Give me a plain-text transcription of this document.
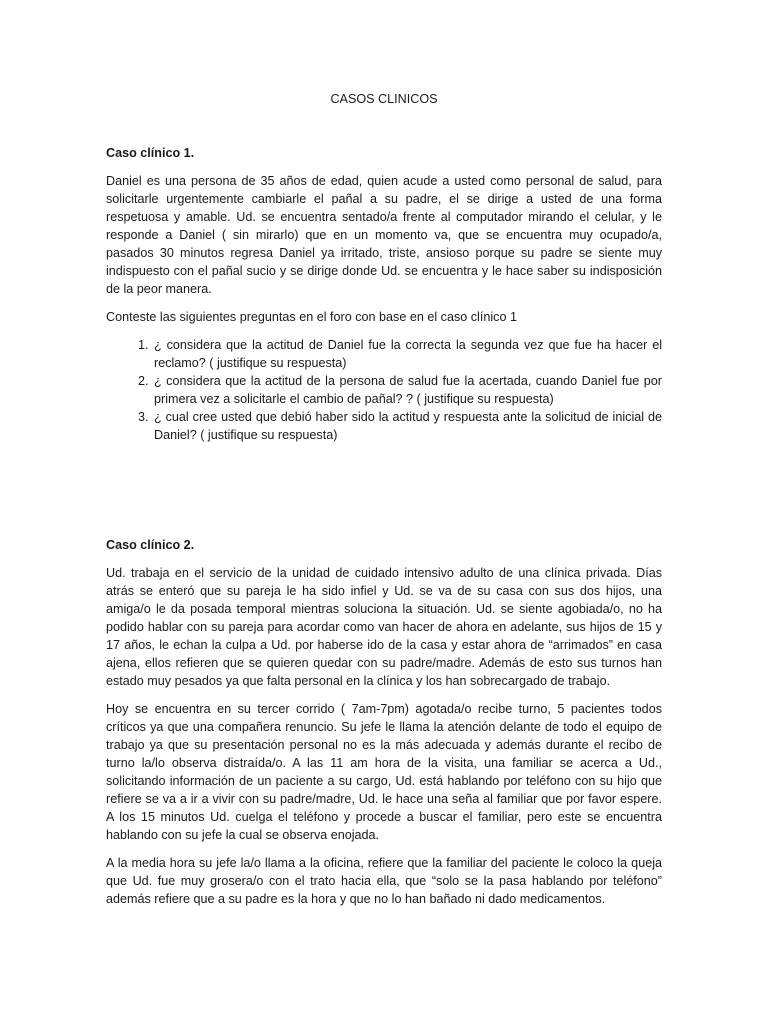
CASOS CLINICOS
Caso clínico 1.

Daniel es una persona de 35 años de edad, quien acude a usted como personal de salud, para solicitarle urgentemente cambiarle el pañal a su padre, el se dirige a usted de una forma respetuosa y amable. Ud. se encuentra sentado/a frente al computador mirando el celular, y le responde a Daniel ( sin mirarlo) que en un momento va, que se encuentra muy ocupado/a, pasados 30 minutos regresa Daniel ya irritado, triste, ansioso porque su padre se siente muy indispuesto con el pañal sucio y se dirige donde Ud. se encuentra y le hace saber su indisposición de la peor manera.

Conteste las siguientes preguntas en el foro con base en el caso clínico 1

1. ¿ considera que la actitud de Daniel fue la correcta la segunda vez que fue ha hacer el reclamo? ( justifique su respuesta)
2. ¿ considera que la actitud de la persona de salud fue la acertada, cuando Daniel fue por primera vez a solicitarle el cambio de pañal? ? ( justifique su respuesta)
3. ¿ cual cree usted que debió haber sido la actitud y respuesta ante la solicitud de inicial de Daniel? ( justifique su respuesta)
Caso clínico 2.

Ud. trabaja en el servicio de la unidad de cuidado intensivo adulto de una clínica privada. Días atrás se enteró que su pareja le ha sido infiel y Ud. se va de su casa con sus dos hijos, una amiga/o le da posada temporal mientras soluciona la situación. Ud. se siente agobiada/o, no ha podido hablar con su pareja para acordar como van hacer de ahora en adelante, sus hijos de 15 y 17 años, le echan la culpa a Ud. por haberse ido de la casa y estar ahora de “arrimados” en casa ajena, ellos refieren que se quieren quedar con su padre/madre. Además de esto sus turnos han estado muy pesados ya que falta personal en la clínica y los han sobrecargado de trabajo.

Hoy se encuentra en su tercer corrido ( 7am-7pm) agotada/o recibe turno, 5 pacientes todos críticos ya que una compañera renuncio. Su jefe le llama la atención delante de todo el equipo de trabajo ya que su presentación personal no es la más adecuada y además durante el recibo de turno la/lo observa distraída/o. A las 11 am hora de la visita, una familiar se acerca a Ud., solicitando información de un paciente a su cargo, Ud. está hablando por teléfono con su hijo que refiere se va a ir a vivir con su padre/madre, Ud. le hace una seña al familiar que por favor espere. A los 15 minutos Ud. cuelga el teléfono y procede a buscar el familiar, pero este se encuentra hablando con su jefe la cual se observa enojada.

A la media hora su jefe la/o llama a la oficina, refiere que la familiar del paciente le coloco la queja que Ud. fue muy grosera/o con el trato hacia ella, que “solo se la pasa hablando por teléfono” además refiere que a su padre es la hora y que no lo han bañado ni dado medicamentos.
